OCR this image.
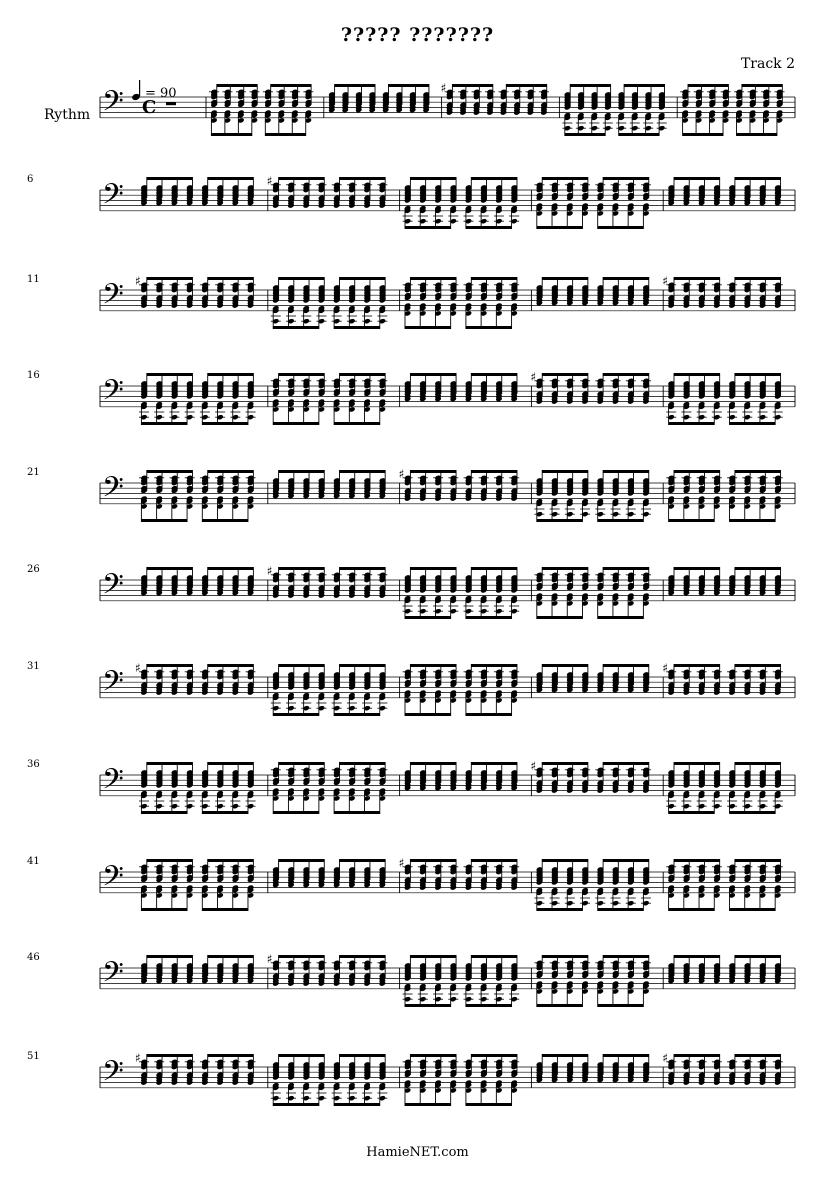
????? ???????
Track 2
= 90
Rythm 𝄢 C
♯
𝄢
6	♯
𝄢
11	♯	♯
𝄢
16	♯
𝄢
21	♯
𝄢
26	♯
𝄢
31	♯	♯
𝄢
36	♯
𝄢
41	♯
𝄢
46	♯
𝄢
51	♯	♯
HamieNET.com
